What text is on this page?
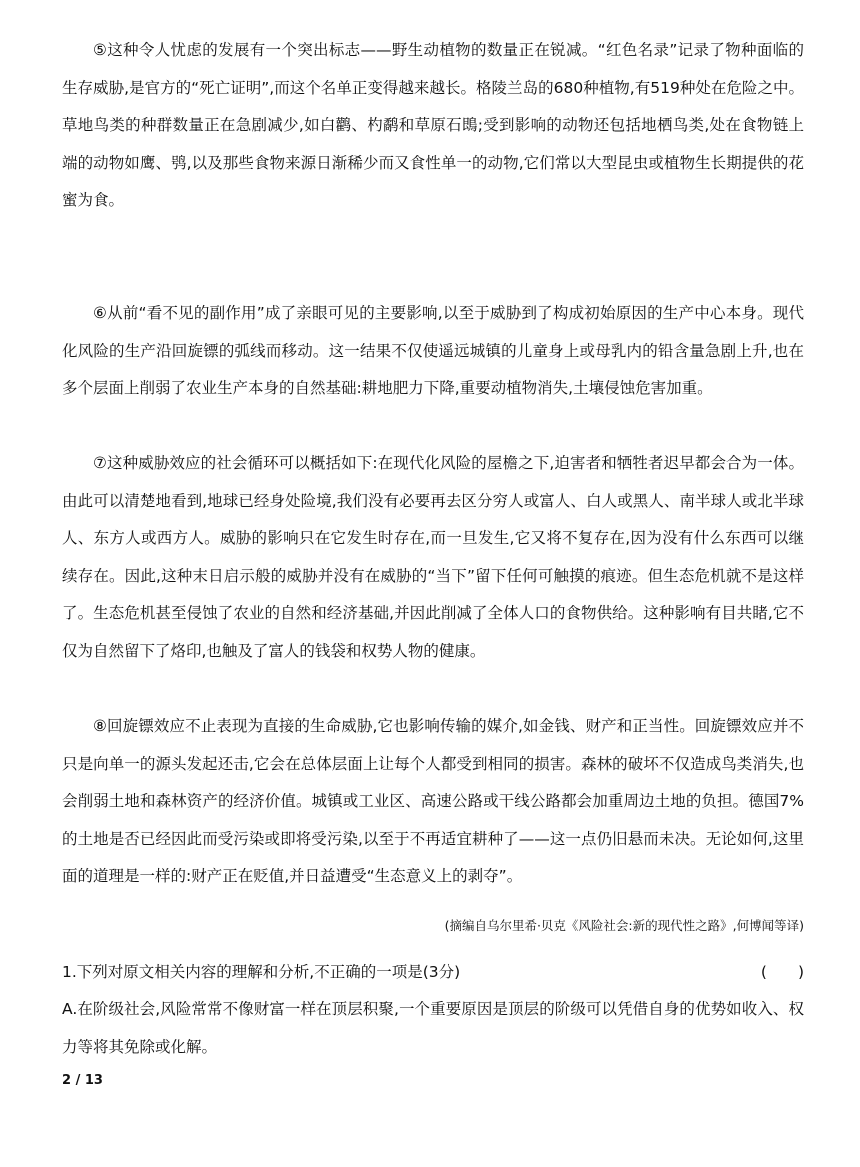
⑤这种令人忧虑的发展有一个突出标志——野生动植物的数量正在锐减。“红色名录”记录了物种面临的生存威胁,是官方的“死亡证明”,而这个名单正变得越来越长。格陵兰岛的680种植物,有519种处在危险之中。草地鸟类的种群数量正在急剧减少,如白鹳、杓鹬和草原石鵖;受到影响的动物还包括地栖鸟类,处在食物链上端的动物如鹰、鸮,以及那些食物来源日渐稀少而又食性单一的动物,它们常以大型昆虫或植物生长期提供的花蜜为食。

⑥从前“看不见的副作用”成了亲眼可见的主要影响,以至于威胁到了构成初始原因的生产中心本身。现代化风险的生产沿回旋镖的弧线而移动。这一结果不仅使遥远城镇的儿童身上或母乳内的铅含量急剧上升,也在多个层面上削弱了农业生产本身的自然基础:耕地肥力下降,重要动植物消失,土壤侵蚀危害加重。

⑦这种威胁效应的社会循环可以概括如下:在现代化风险的屋檐之下,迫害者和牺牲者迟早都会合为一体。由此可以清楚地看到,地球已经身处险境,我们没有必要再去区分穷人或富人、白人或黑人、南半球人或北半球人、东方人或西方人。威胁的影响只在它发生时存在,而一旦发生,它又将不复存在,因为没有什么东西可以继续存在。因此,这种末日启示般的威胁并没有在威胁的“当下”留下任何可触摸的痕迹。但生态危机就不是这样了。生态危机甚至侵蚀了农业的自然和经济基础,并因此削减了全体人口的食物供给。这种影响有目共睹,它不仅为自然留下了烙印,也触及了富人的钱袋和权势人物的健康。

⑧回旋镖效应不止表现为直接的生命威胁,它也影响传输的媒介,如金钱、财产和正当性。回旋镖效应并不只是向单一的源头发起还击,它会在总体层面上让每个人都受到相同的损害。森林的破坏不仅造成鸟类消失,也会削弱土地和森林资产的经济价值。城镇或工业区、高速公路或干线公路都会加重周边土地的负担。德国7%的土地是否已经因此而受污染或即将受污染,以至于不再适宜耕种了——这一点仍旧悬而未决。无论如何,这里面的道理是一样的:财产正在贬值,并日益遭受“生态意义上的剥夺”。

(摘编自乌尔里希·贝克《风险社会:新的现代性之路》,何博闻等译)

1.下列对原文相关内容的理解和分析,不正确的一项是(3分)	(　　)

A.在阶级社会,风险常常不像财富一样在顶层积聚,一个重要原因是顶层的阶级可以凭借自身的优势如收入、权力等将其免除或化解。

2 / 13
